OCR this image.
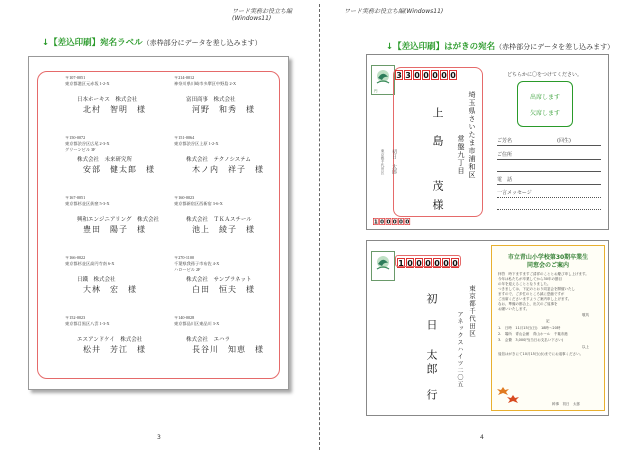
ワード実務お役立ち編(Windows11)
↓【差込印刷】宛名ラベル（赤枠部分にデータを差し込みます）
〒107-0051
東京都港区元赤坂 1-2-X
日本ホーキス　株式会社
北村　智明　様
〒214-0012
神奈川県川崎市多摩区中野島 2-X
富田商事　株式会社
河野　和秀　様
〒150-0072
東京都渋谷区広尾 2-3-X
グリーンビル 3F
株式会社　未来研究所
安部　健太郎　様
〒151-0064
東京都渋谷区上原 1-2-X
株式会社　テクノシステム
木ノ内　祥子　様
〒167-0051
東京都杉並区荻窪 5-3-X
興和エンジニアリング　株式会社
豊田　陽子　様
〒160-0023
東京都新宿区西新宿 3-6-X
株式会社　ＴＫＡスチール
池上　綾子　様
〒166-0022
東京都杉並区高円寺南 6-X
日鐵　株式会社
大林　宏　様
〒270-1100
千葉県我孫子市布佐 4-X
ハロービル 2F
株式会社　サンプラネット
白田　恒夫　様
〒152-0023
東京都目黒区八雲 1-3-X
エスアンドケイ　株式会社
松井　芳江　様
〒140-0028
東京都品川区東品川 3-X
株式会社　エハラ
長谷川　知恵　様
3
ワード実務お役立ち編(Windows11)
↓【差込印刷】はがきの宛名（赤枠部分にデータを差し込みます）
4
円
3 3 0 0 0 0 0
埼玉県さいたま市浦和区
常盤九丁目
上
島
茂
様
初日　太郎
東京都千代田区
1 0 0 0 0 0
どちらかに〇をつけてください。
出席します
欠席します
ご芳名	(回生)
ご住所
電　話
一言メッセージ
1 0 0 0 0 0 0
東京都千代田区
アネックスハイツ二〇五
初
日
太
郎
行
市立青山小学校第30期卒業生
同窓会のご案内
拝啓　時下ますますご清祥のこととお慶び申し上げます。
今年は私たちが卒業してから30年の節目
の年を迎えることとなりました。
つきましては、下記のとおり同窓会を開催いたし
ますので、ご多忙のところ誠に恐縮ですが
ご出席くださいますようご案内申し上げます。
なお、準備の都合上、出欠のご返事を
お願いいたします。
敬具
記
1.　日時　11月15日(日)　18時〜20時
2.　場所　青山会館　青山ホール　千葉市港
3.　会費　3,000円(当日お支払い下さい)
以上
返信はがきにて10月15日(水)までにお返事ください。
幹事　初日　太郎
